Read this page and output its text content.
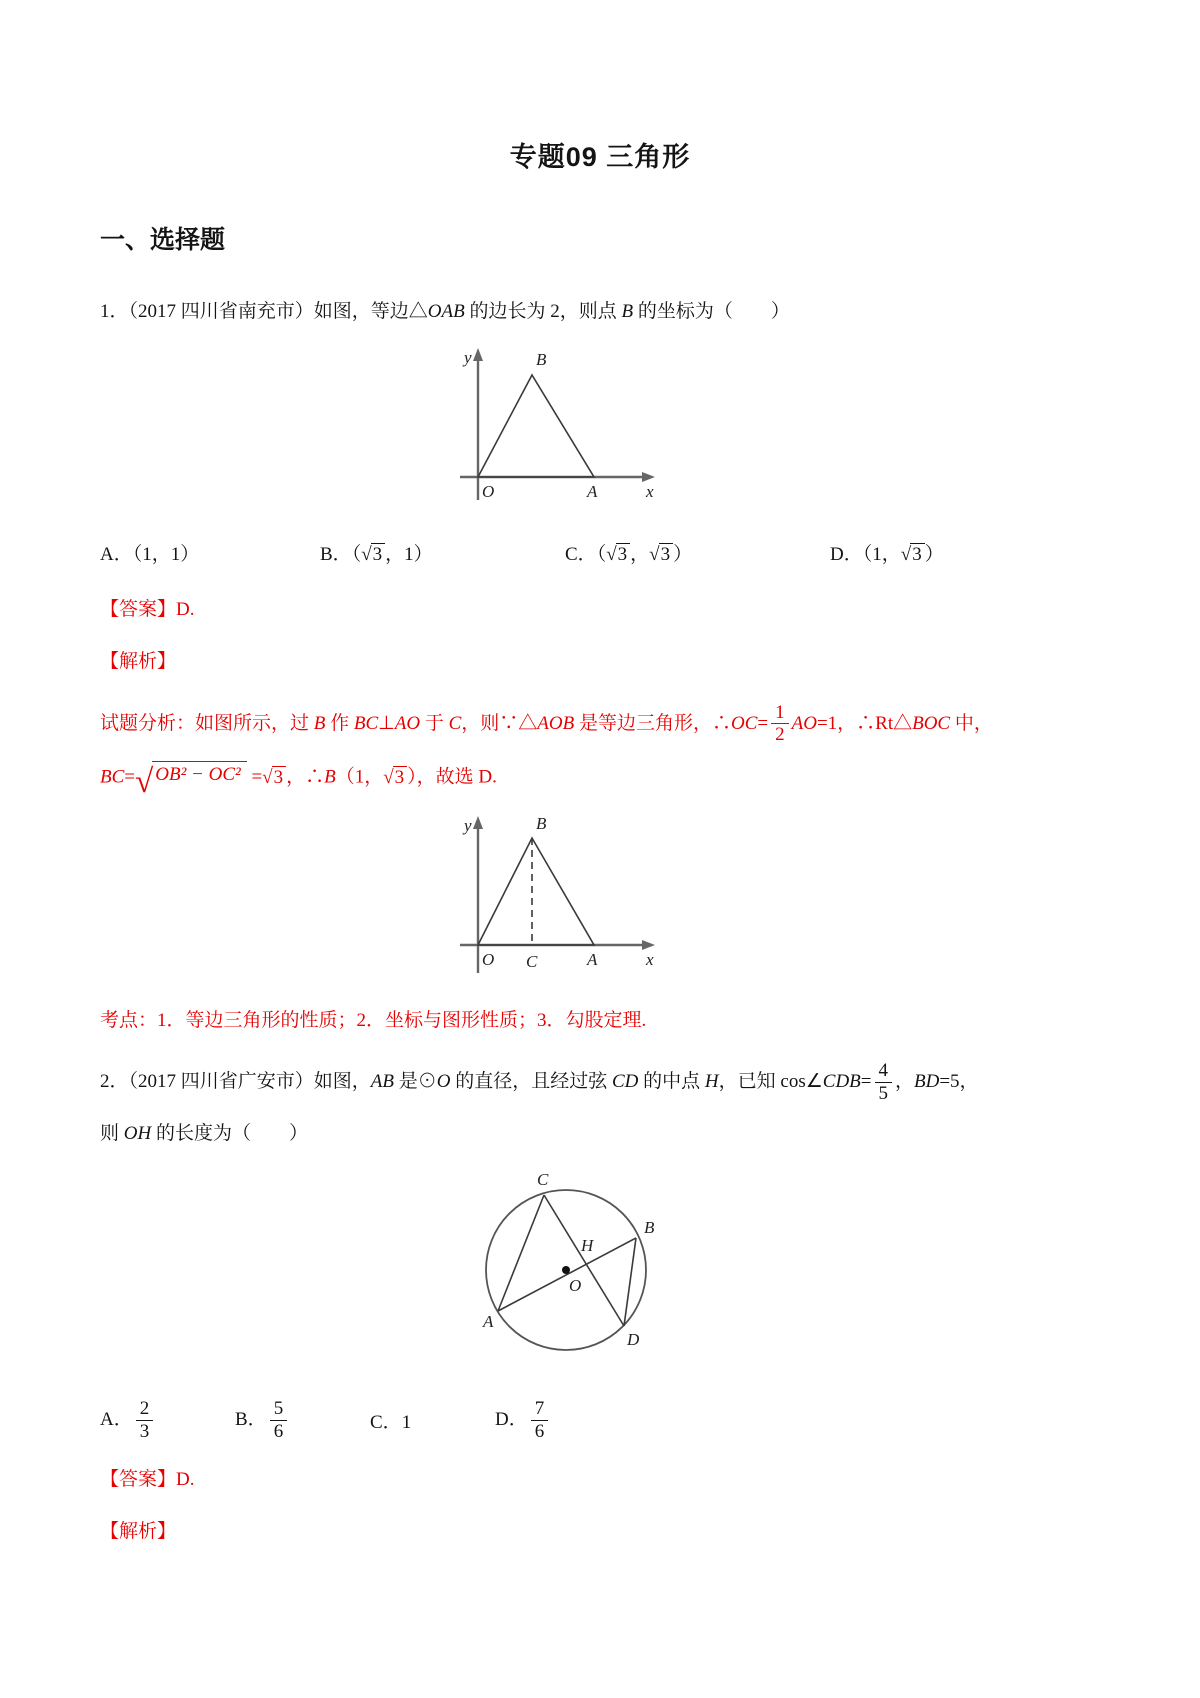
专题09 三角形
一、选择题
1．（2017 四川省南充市）如图，等边△OAB 的边长为 2，则点 B 的坐标为（　　）
y	B
O	A	x
A．（1，1）	B．（√3 ，1）	C．（√3 ，√3 ）	D．（1，√3 ）
【答案】D.
【解析】
试题分析：如图所示，过 B 作 BC⊥AO 于 C，则∵△AOB 是等边三角形，∴OC= $\frac{1}{2} AO=1$，∴Rt△BOC 中，
BC=√ OB² − OC² =√3 ，∴B（1，√3 ），故选 D.
y	B
O C	A	x
考点：1．等边三角形的性质；2．坐标与图形性质；3．勾股定理.
2．（2017 四川省广安市）如图，AB 是⊙O 的直径，且经过弦 CD 的中点 H，已知 cos∠CDB= $\frac{4}{5}$ ，BD=5，
则 OH 的长度为（　　）
C
B
H
O
A
D
A． $\frac{2}{3}$	B． $\frac{5}{6}$	C．1	D． $\frac{7}{6}$
【答案】D.
【解析】
